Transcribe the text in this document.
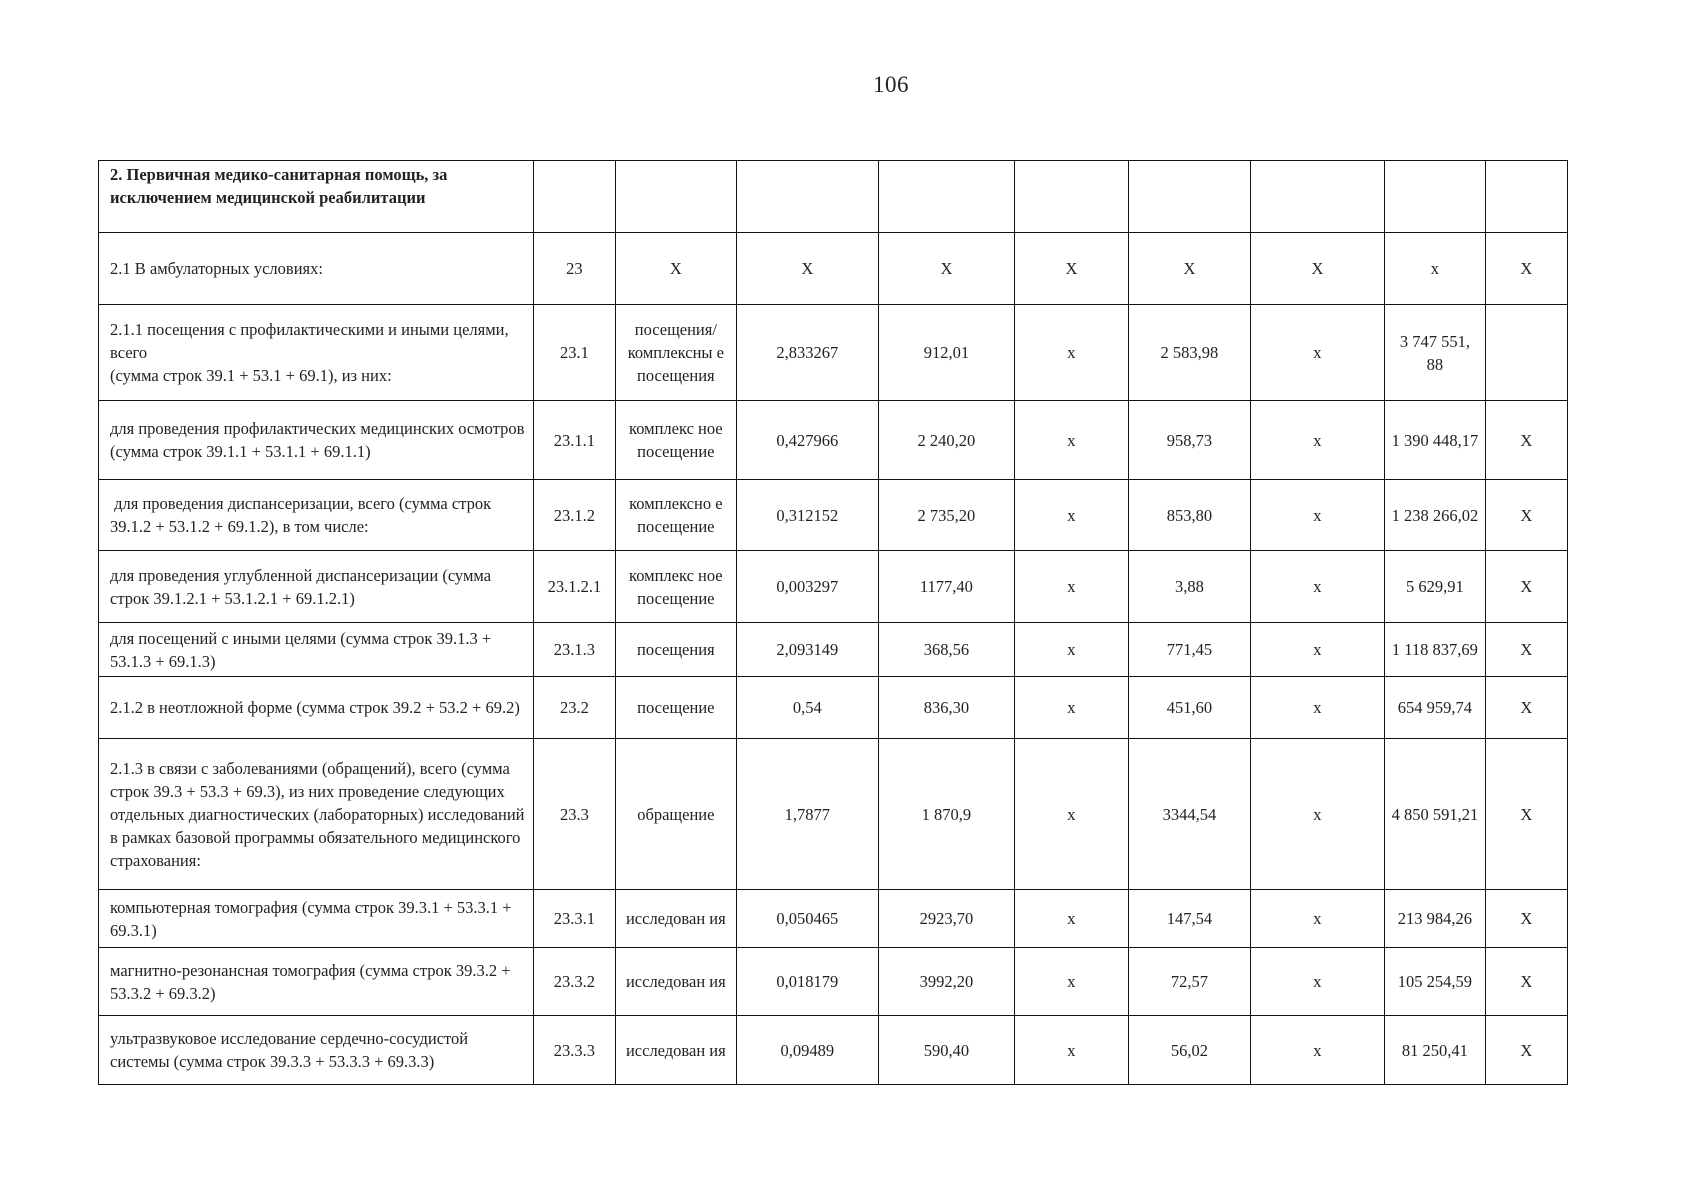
106
2. Первичная медико-санитарная помощь, за исключением медицинской реабилитации									
2.1 В амбулаторных условиях:	23	X	X	X	X	X	X	x	X
2.1.1 посещения с профилактическими и иными целями, всего
(сумма строк 39.1 + 53.1 + 69.1), из них:	23.1	посещения/ комплексны е посещения	2,833267	912,01	x	2 583,98	x	3 747 551, 88	
для проведения профилактических медицинских осмотров (сумма строк 39.1.1 + 53.1.1 + 69.1.1)	23.1.1	комплекс ное посещение	0,427966	2 240,20	x	958,73	x	1 390 448,17	X
для проведения диспансеризации, всего (сумма строк 39.1.2 + 53.1.2 + 69.1.2), в том числе:	23.1.2	комплексно е посещение	0,312152	2 735,20	x	853,80	x	1 238 266,02	X
для проведения углубленной диспансеризации (сумма строк 39.1.2.1 + 53.1.2.1 + 69.1.2.1)	23.1.2.1	комплекс ное посещение	0,003297	1177,40	x	3,88	x	5 629,91	X
для посещений с иными целями (сумма строк 39.1.3 + 53.1.3 + 69.1.3)	23.1.3	посещения	2,093149	368,56	x	771,45	x	1 118 837,69	X
2.1.2 в неотложной форме (сумма строк 39.2 + 53.2 + 69.2)	23.2	посещение	0,54	836,30	x	451,60	x	654 959,74	X
2.1.3 в связи с заболеваниями (обращений), всего (сумма строк 39.3 + 53.3 + 69.3), из них проведение следующих отдельных диагностических (лабораторных) исследований в рамках базовой программы обязательного медицинского страхования:	23.3	обращение	1,7877	1 870,9	x	3344,54	x	4 850 591,21	X
компьютерная томография (сумма строк 39.3.1 + 53.3.1 + 69.3.1)	23.3.1	исследован ия	0,050465	2923,70	x	147,54	x	213 984,26	X
магнитно-резонансная томография (сумма строк 39.3.2 + 53.3.2 + 69.3.2)	23.3.2	исследован ия	0,018179	3992,20	x	72,57	x	105 254,59	X
ультразвуковое исследование сердечно-сосудистой системы (сумма строк 39.3.3 + 53.3.3 + 69.3.3)	23.3.3	исследован ия	0,09489	590,40	x	56,02	x	81 250,41	X
